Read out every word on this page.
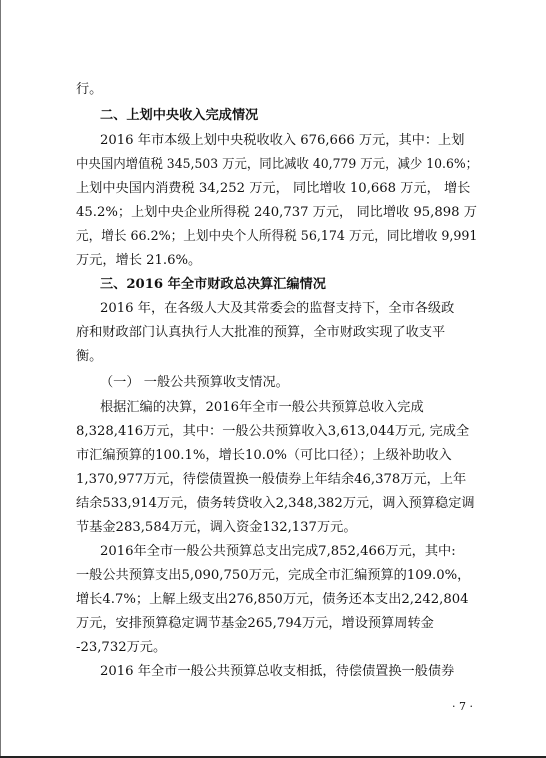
行。
二、上划中央收入完成情况
2016 年市本级上划中央税收收入 676,666 万元，其中：上划
中央国内增值税 345,503 万元，同比减收 40,779 万元，减少 10.6%；
上划中央国内消费税 34,252 万元， 同比增收 10,668 万元， 增长
45.2%；上划中央企业所得税 240,737 万元， 同比增收 95,898 万
元，增长 66.2%；上划中央个人所得税 56,174 万元，同比增收 9,991
万元，增长 21.6%。
三、2016 年全市财政总决算汇编情况
2016 年，在各级人大及其常委会的监督支持下，全市各级政
府和财政部门认真执行人大批准的预算，全市财政实现了收支平
衡。
（一） 一般公共预算收支情况。
根据汇编的决算，2016年全市一般公共预算总收入完成
8,328,416万元，其中：一般公共预算收入3,613,044万元, 完成全
市汇编预算的100.1%，增长10.0%（可比口径）；上级补助收入
1,370,977万元，待偿债置换一般债券上年结余46,378万元，上年
结余533,914万元，债务转贷收入2,348,382万元，调入预算稳定调
节基金283,584万元，调入资金132,137万元。
2016年全市一般公共预算总支出完成7,852,466万元，其中:
一般公共预算支出5,090,750万元，完成全市汇编预算的109.0%，
增长4.7%；上解上级支出276,850万元，债务还本支出2,242,804
万元，安排预算稳定调节基金265,794万元，增设预算周转金
-23,732万元。
2016 年全市一般公共预算总收支相抵，待偿债置换一般债券
· 7 ·
